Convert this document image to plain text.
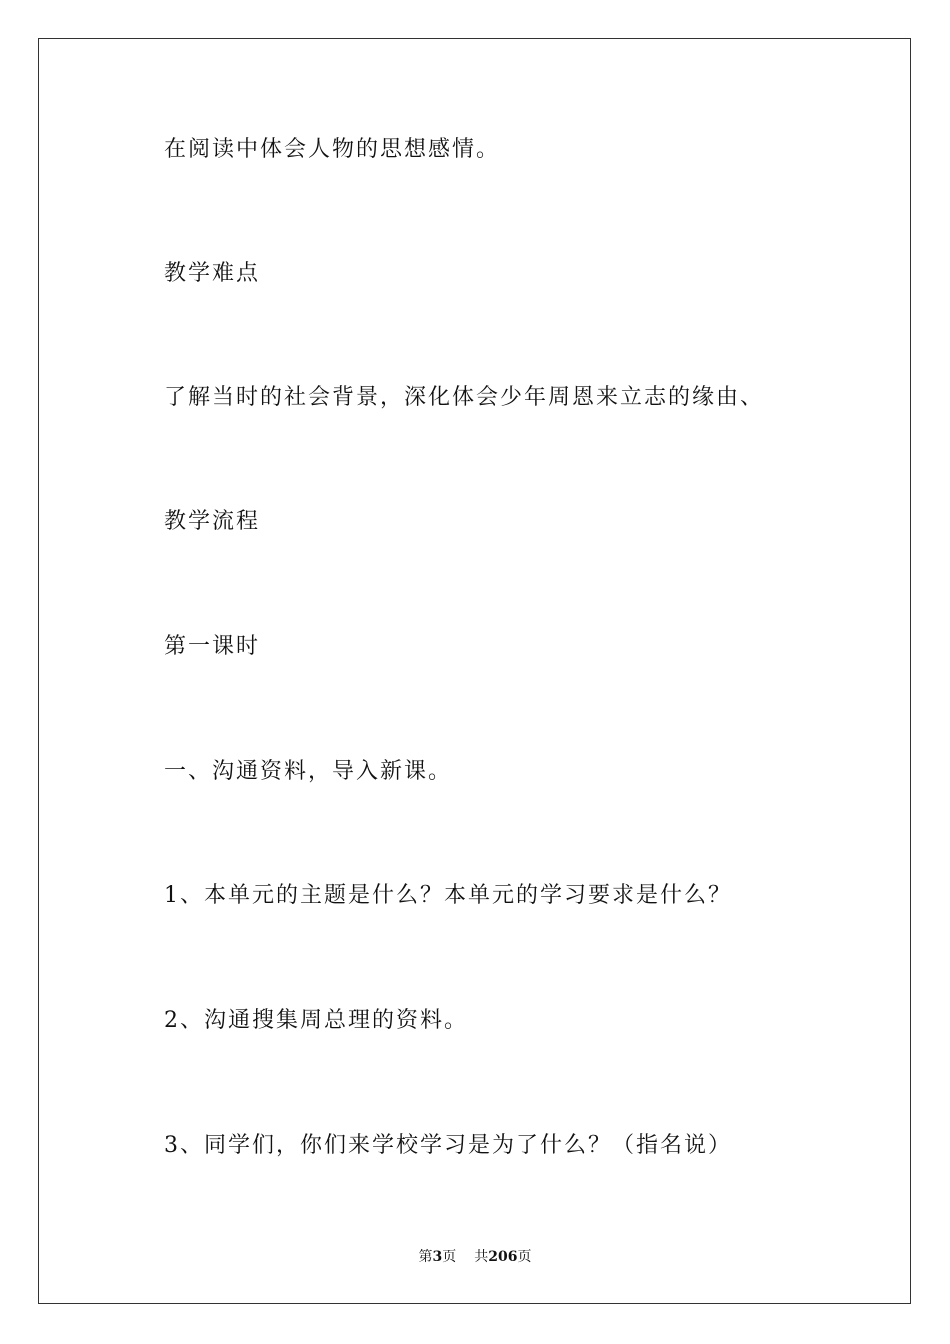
在阅读中体会人物的思想感情。
教学难点
了解当时的社会背景，深化体会少年周恩来立志的缘由、
教学流程
第一课时
一、沟通资料，导入新课。
1、本单元的主题是什么？本单元的学习要求是什么？
2、沟通搜集周总理的资料。
3、同学们，你们来学校学习是为了什么？（指名说）
第3页 共206页
